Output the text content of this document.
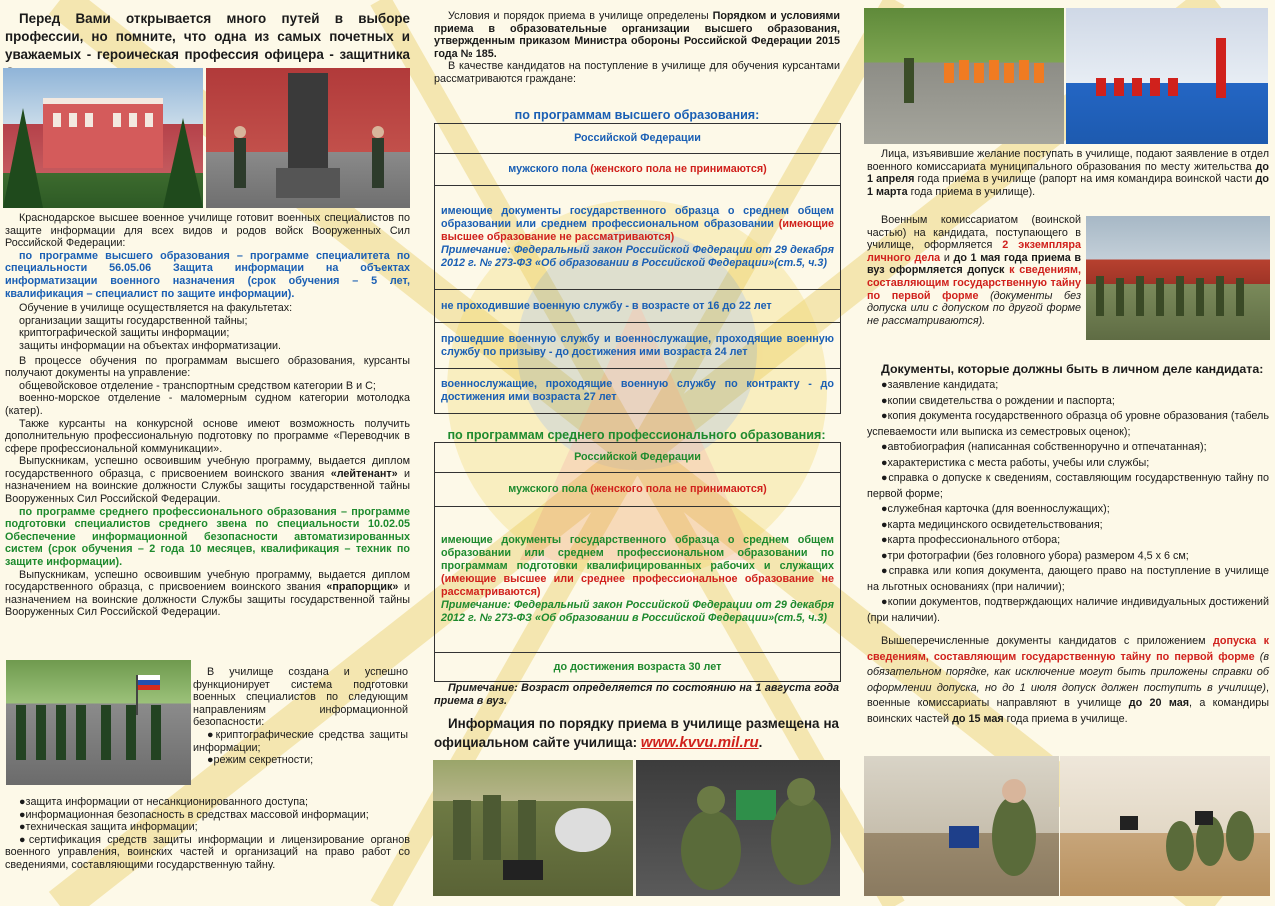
Перед Вами открывается много путей в выборе профессии, но помните, что одна из самых почетных и уважаемых - героическая профессия офицера - защитника

Краснодарское высшее военное училище готовит военных специалистов по защите информации для всех видов и родов войск Вооруженных Сил Российской Федерации:

по программе высшего образования – программе специалитета по специальности 56.05.06 Защита информации на объектах информатизации военного назначения (срок обучения – 5 лет, квалификация – специалист по защите информации).

Обучение в училище осуществляется на факультетах:

организации защиты государственной тайны;

криптографической защиты информации;

защиты информации на объектах информатизации.

В процессе обучения по программам высшего образования, курсанты получают документы на управление:

общевойсковое отделение - транспортным средством категории В и С;

военно-морское отделение - маломерным судном категории мотолодка (катер).

Также курсанты на конкурсной основе имеют возможность получить дополнительную профессиональную подготовку по программе «Переводчик в сфере профессиональной коммуникации».

Выпускникам, успешно освоившим учебную программу, выдается диплом государственного образца, с присвоением воинского звания «лейтенант» и назначением на воинские должности Службы защиты государственной тайны Вооруженных Сил Российской Федерации.

по программе среднего профессионального образования – программе подготовки специалистов среднего звена по специальности 10.02.05 Обеспечение информационной безопасности автоматизированных систем (срок обучения – 2 года 10 месяцев, квалификация – техник по защите информации).

Выпускникам, успешно освоившим учебную программу, выдается диплом государственного образца, с присвоением воинского звания «прапорщик» и назначением на воинские должности Службы защиты государственной тайны Вооруженных Сил Российской Федерации.

В училище создана и успешно функционирует система подготовки военных специалистов по следующим направлениям информационной безопасности:

●криптографические средства защиты информации;

●режим секретности;

●защита информации от несанкционированного доступа;

●информационная безопасность в средствах массовой информации;

●техническая защита информации;

●сертификация средств защиты информации и лицензирование органов военного управления, воинских частей и организаций на право работ со сведениями, составляющими государственную тайну.

Условия и порядок приема в училище определены Порядком и условиями приема в образовательные организации высшего образования, утвержденным приказом Министра обороны Российской Федерации 2015 года № 185.

В качестве кандидатов на поступление в училище для обучения курсантами рассматриваются граждане:

по программам высшего образования:

Российской Федерации
мужского пола (женского пола не принимаются)
имеющие документы государственного образца о среднем общем образовании или среднем профессиональном образовании (имеющие высшее образование не рассматриваются)
Примечание: Федеральный закон Российской Федерации от 29 декабря 2012 г. № 273-ФЗ «Об образовании в Российской Федерации»(ст.5, ч.3)
не проходившие военную службу - в возрасте от 16 до 22 лет
прошедшие военную службу и военнослужащие, проходящие военную службу по призыву - до достижения ими возраста 24 лет
военнослужащие, проходящие военную службу по контракту - до достижения ими возраста 27 лет

по программам среднего профессионального образования:

Российской Федерации
мужского пола (женского пола не принимаются)
имеющие документы государственного образца о среднем общем образовании или среднем профессиональном образовании по программам подготовки квалифицированных рабочих и служащих (имеющие высшее или среднее профессиональное образование не рассматриваются)
Примечание: Федеральный закон Российской Федерации от 29 декабря 2012 г. № 273-ФЗ «Об образовании в Российской Федерации»(ст.5, ч.3)
до достижения возраста 30 лет

Примечание: Возраст определяется по состоянию на 1 августа года приема в вуз.

Информация по порядку приема в училище размещена на официальном сайте училища: www.kvvu.mil.ru.

Лица, изъявившие желание поступать в училище, подают заявление в отдел военного комиссариата муниципального образования по месту жительства до 1 апреля года приема в училище (рапорт на имя командира воинской части до 1 марта года приема в училище).

Военным комиссариатом (воинской частью) на кандидата, поступающего в училище, оформляется 2 экземпляра личного дела и до 1 мая года приема в вуз оформляется допуск к сведениям, составляющим государственную тайну по первой форме (документы без допуска или с допуском по другой форме не рассматриваются).

Документы, которые должны быть в личном деле кандидата:

●заявление кандидата;
●копии свидетельства о рождении и паспорта;
●копия документа государственного образца об уровне образования (табель успеваемости или выписка из семестровых оценок);
●автобиография (написанная собственноручно и отпечатанная);
●характеристика с места работы, учебы или службы;
●справка о допуске к сведениям, составляющим государственную тайну по первой форме;
●служебная карточка (для военнослужащих);
●карта медицинского освидетельствования;
●карта профессионального отбора;
●три фотографии (без головного убора) размером 4,5 х 6 см;
●справка или копия документа, дающего право на поступление в училище на льготных основаниях (при наличии);
●копии документов, подтверждающих наличие индивидуальных достижений (при наличии).

Вышеперечисленные документы кандидатов с приложением допуска к сведениям, составляющим государственную тайну по первой форме (в обязательном порядке, как исключение могут быть приложены справки об оформлении допуска, но до 1 июля допуск должен поступить в училище), военные комиссариаты направляют в училище до 20 мая, а командиры воинских частей до 15 мая года приема в училище.
